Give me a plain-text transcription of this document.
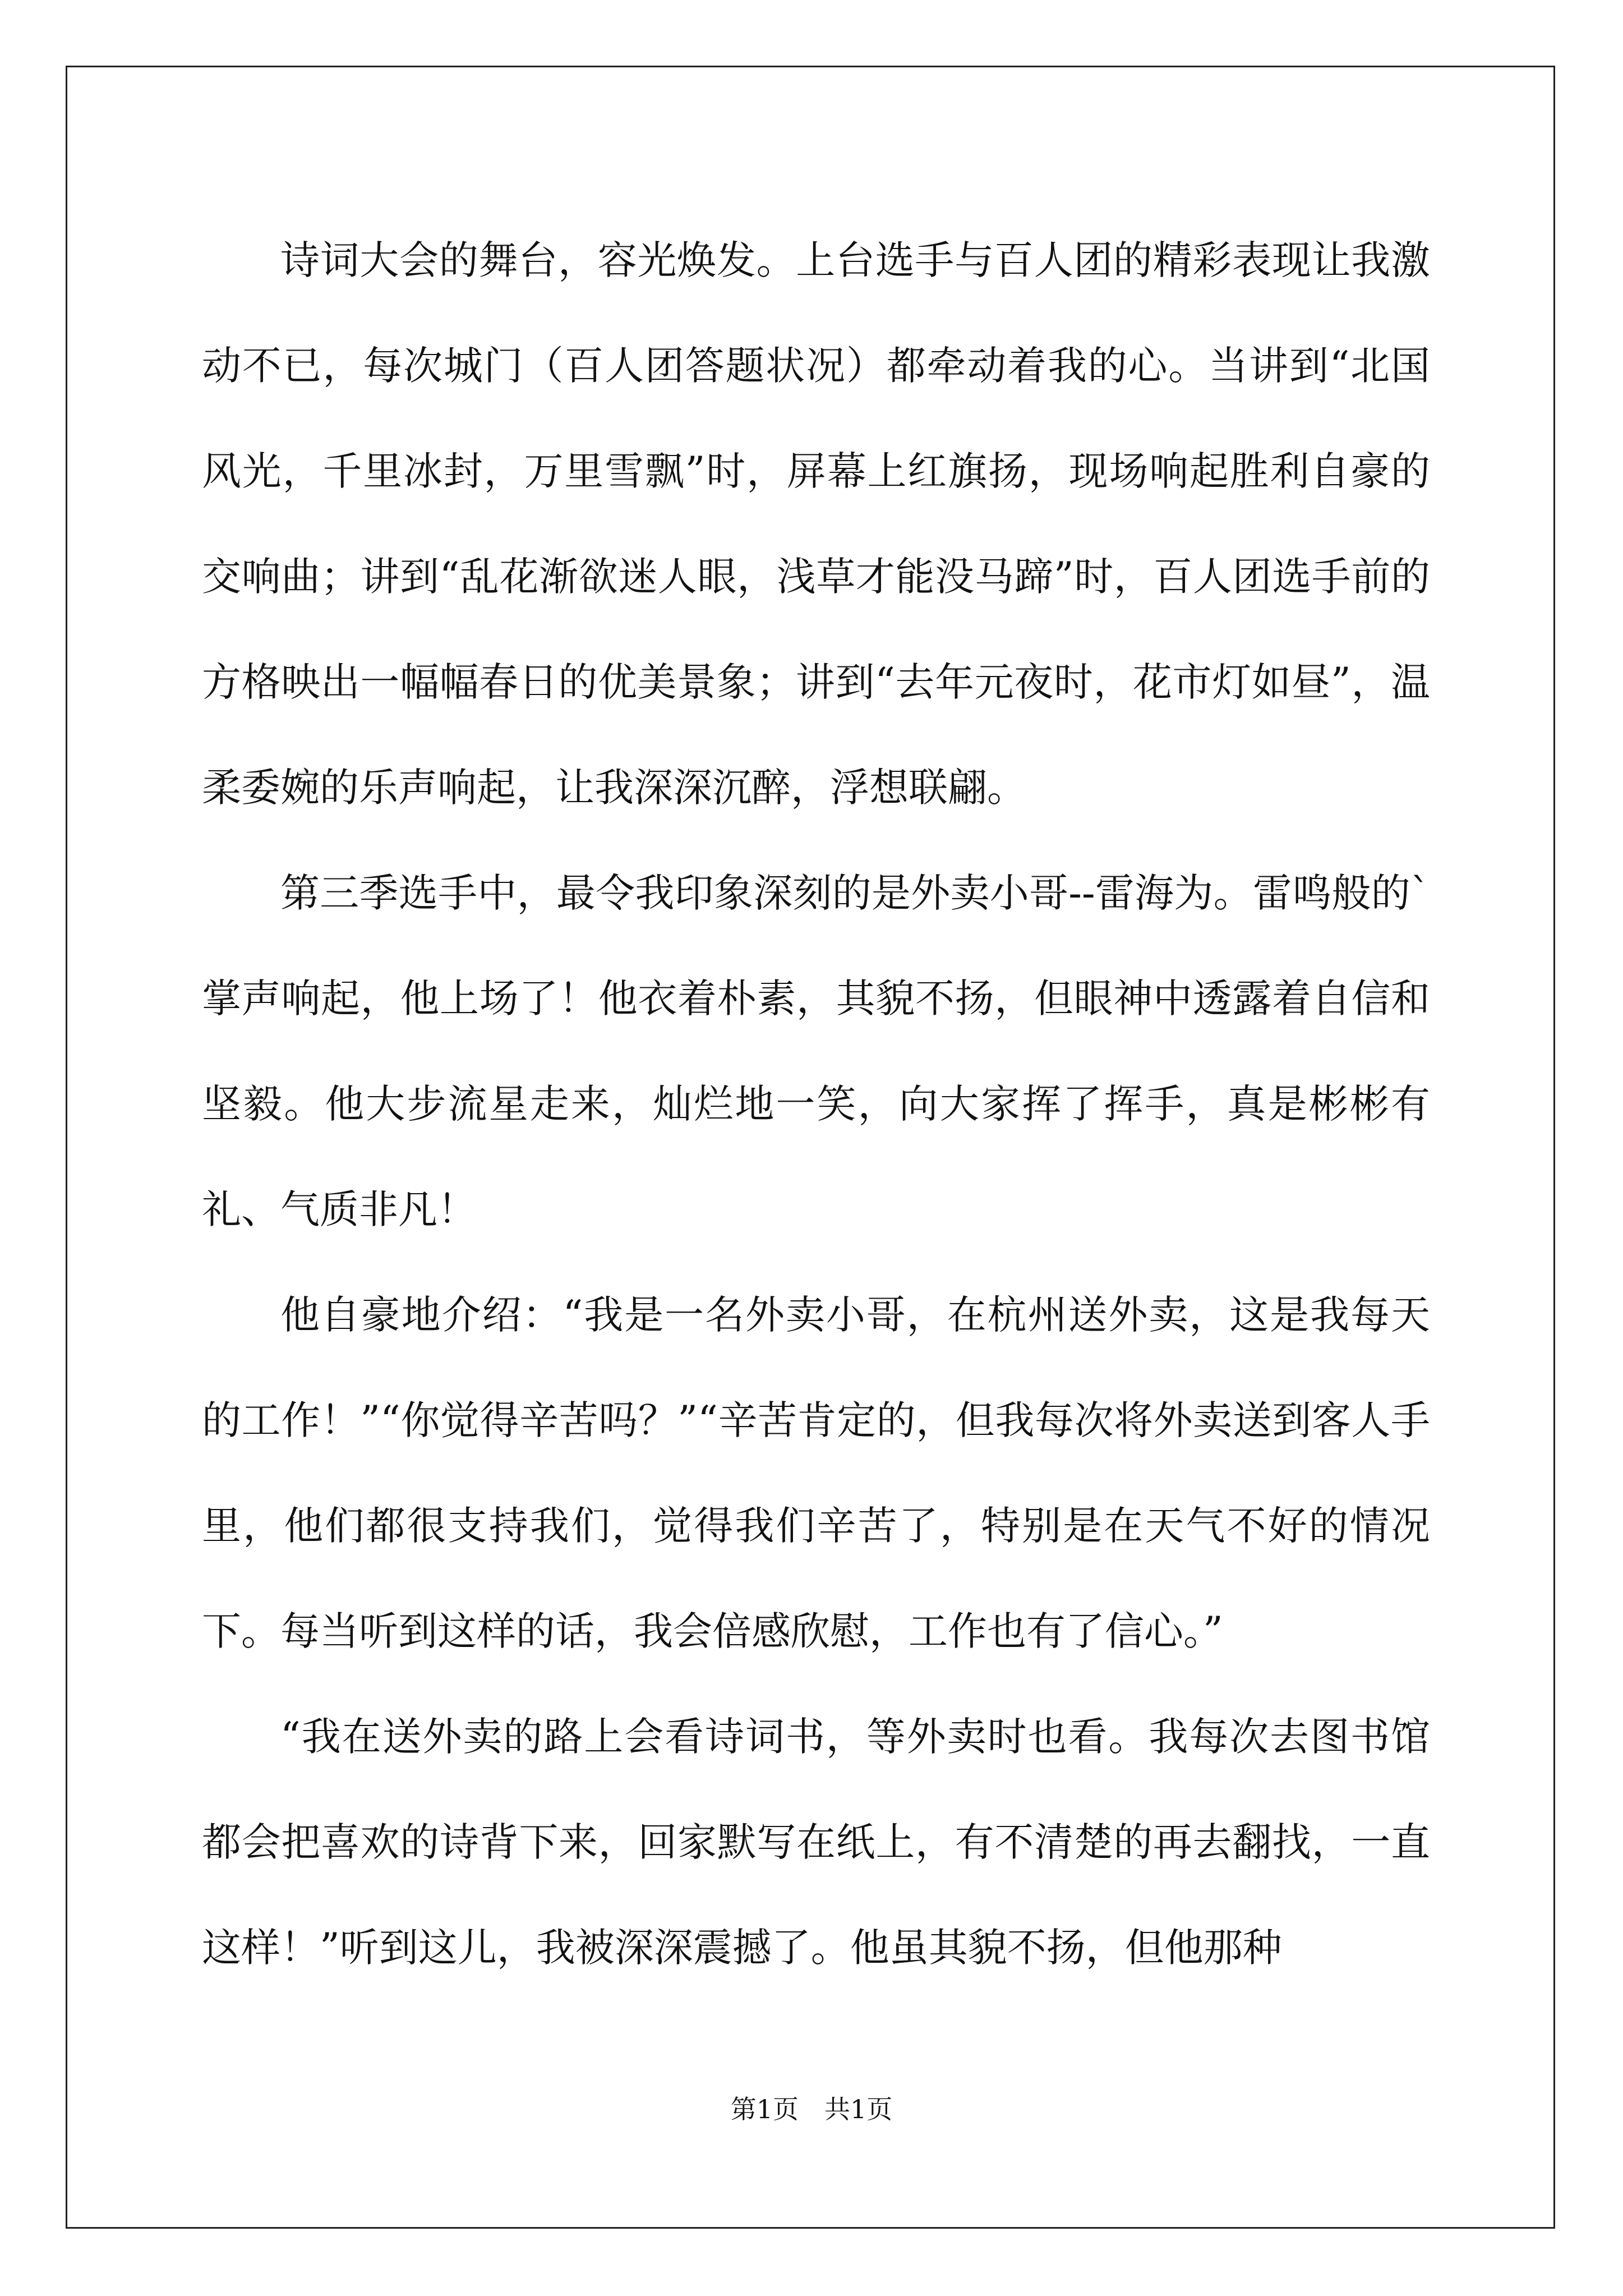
诗词大会的舞台，容光焕发。上台选手与百人团的精彩表现让我激动不已，每次城门（百人团答题状况）都牵动着我的心。当讲到“北国风光，千里冰封，万里雪飘”时，屏幕上红旗扬，现场响起胜利自豪的交响曲；讲到“乱花渐欲迷人眼，浅草才能没马蹄”时，百人团选手前的方格映出一幅幅春日的优美景象；讲到“去年元夜时，花市灯如昼”，温柔委婉的乐声响起，让我深深沉醉，浮想联翩。

第三季选手中，最令我印象深刻的是外卖小哥--雷海为。雷鸣般的`掌声响起，他上场了！他衣着朴素，其貌不扬，但眼神中透露着自信和坚毅。他大步流星走来，灿烂地一笑，向大家挥了挥手，真是彬彬有礼、气质非凡！

他自豪地介绍：“我是一名外卖小哥，在杭州送外卖，这是我每天的工作！”“你觉得辛苦吗？”“辛苦肯定的，但我每次将外卖送到客人手里，他们都很支持我们，觉得我们辛苦了，特别是在天气不好的情况下。每当听到这样的话，我会倍感欣慰，工作也有了信心。”

“我在送外卖的路上会看诗词书，等外卖时也看。我每次去图书馆都会把喜欢的诗背下来，回家默写在纸上，有不清楚的再去翻找，一直这样！”听到这儿，我被深深震撼了。他虽其貌不扬，但他那种

第1页　共1页
